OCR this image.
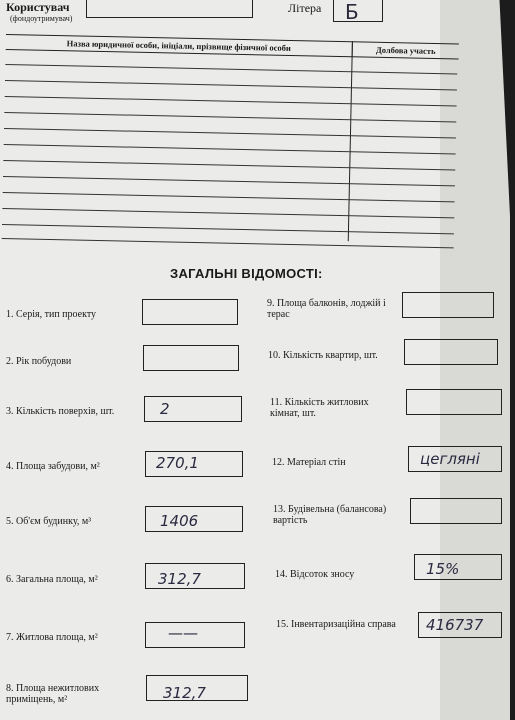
Користувач
(фондоутримувач)
Літера Б
Назва юридичної особи, ініціали, прізвище фізичної особи	Долбова участь
ЗАГАЛЬНІ ВІДОМОСТІ:
1. Серія, тип проекту
2. Рік побудови
3. Кількість поверхів, шт.	2
4. Площа забудови, м²	270,1
5. Об'єм будинку, м³	1406
6. Загальна площа, м²	312,7
7. Житлова площа, м²	——
8. Площа нежитлових приміщень, м²	312,7
9. Площа балконів, лоджій і терас
10. Кількість квартир, шт.
11. Кількість житлових кімнат, шт.
12. Матеріал стін	цегляні
13. Будівельна (балансова) вартість
14. Відсоток зносу	15%
15. Інвентаризаційна справа	416737
